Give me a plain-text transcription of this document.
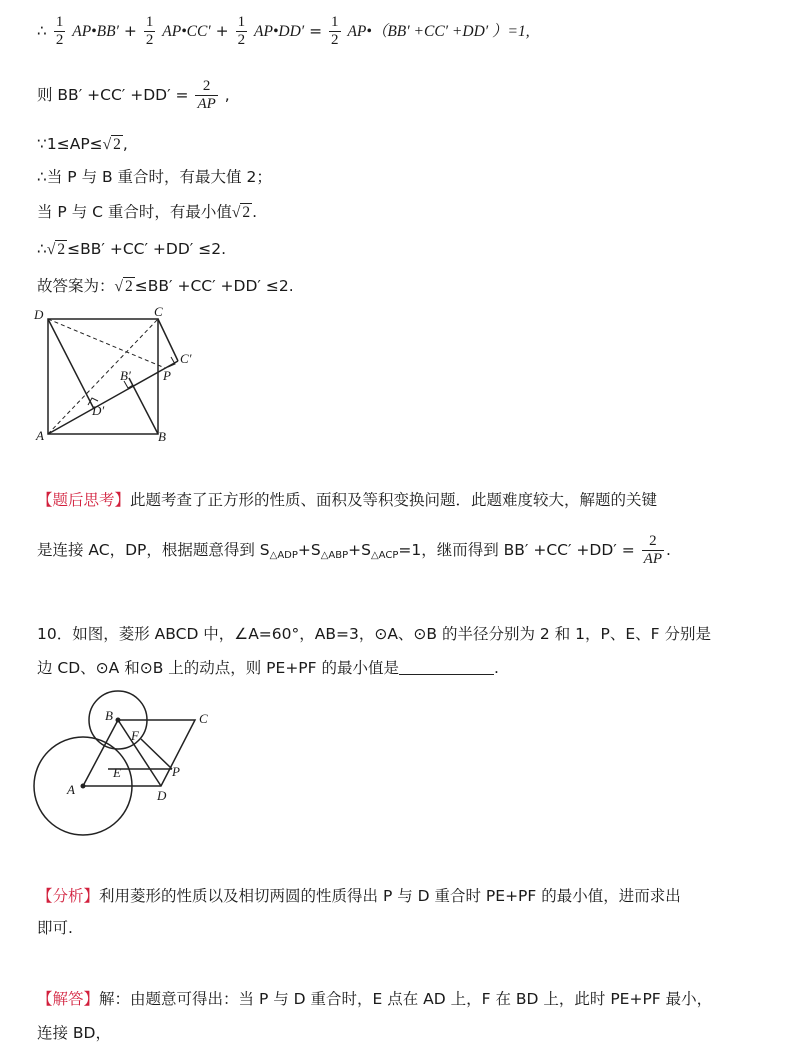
∴ $\frac{1}{2}$ AP•BB′ + $\frac{1}{2}$ AP•CC′ + $\frac{1}{2}$ AP•DD′ = $\frac{1}{2}$ AP•（BB′ +CC′ +DD′ ）=1,
则 $BB' +CC' +DD' = \frac{2}{AP}$ ,
∵1≤AP≤√ 2 ,
∴当 P 与 B 重合时，有最大值 2；
当 P 与 C 重合时，有最小值√ 2 .
∴√ 2 ≤BB′ +CC′ +DD′ ≤2.
故答案为：√ 2 ≤BB′ +CC′ +DD′ ≤2.
D	C
C′
P
B′
D′
A	B
【题后思考】此题考查了正方形的性质、面积及等积变换问题．此题难度较大，解题的关键
是连接 AC，DP，根据题意得到 $S_{\triangle ADP}+S_{\triangle ABP}+S_{\triangle ACP}=1$，继而得到 $BB' +CC' +DD' = \frac{2}{AP}$ .
10．如图，菱形 ABCD 中，∠A=60°，AB=3，⊙A、⊙B 的半径分别为 2 和 1，P、E、F 分别是
边 CD、⊙A 和⊙B 上的动点，则 PE+PF 的最小值是	.
B	C
F
E	P
A	D
【分析】利用菱形的性质以及相切两圆的性质得出 P 与 D 重合时 PE+PF 的最小值，进而求出
即可.
【解答】解：由题意可得出：当 P 与 D 重合时，E 点在 AD 上，F 在 BD 上，此时 PE+PF 最小，
连接 BD，
